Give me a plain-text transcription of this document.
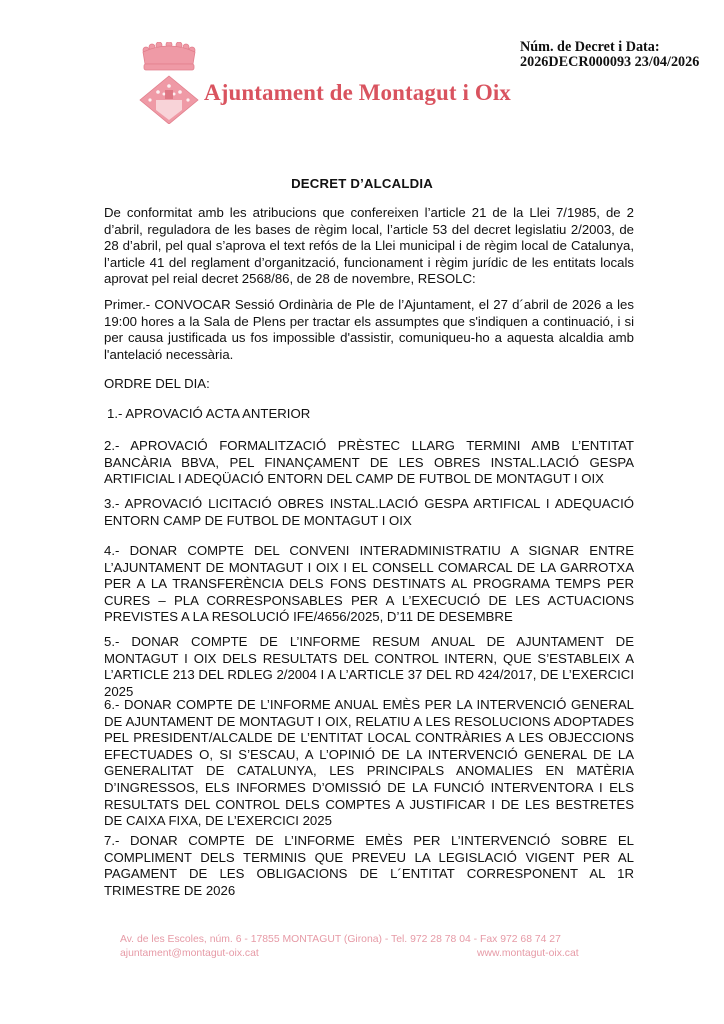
Ajuntament de Montagut i Oix
Núm. de Decret i Data:
2026DECR000093 23/04/2026
DECRET D’ALCALDIA
De conformitat amb les atribucions que confereixen l’article 21 de la Llei 7/1985, de 2 d’abril, reguladora de les bases de règim local, l’article 53 del decret legislatiu 2/2003, de 28 d’abril, pel qual s’aprova el text refós de la Llei municipal i de règim local de Catalunya, l’article 41 del reglament d’organització, funcionament i règim jurídic de les entitats locals aprovat pel reial decret 2568/86, de 28 de novembre, RESOLC:
Primer.- CONVOCAR Sessió Ordinària de Ple de l’Ajuntament, el 27 d´abril de 2026 a les 19:00 hores a la Sala de Plens per tractar els assumptes que s'indiquen a continuació, i si per causa justificada us fos impossible d'assistir, comuniqueu-ho a aquesta alcaldia amb l'antelació necessària.
ORDRE DEL DIA:
1.- APROVACIÓ ACTA ANTERIOR
2.- APROVACIÓ FORMALITZACIÓ PRÈSTEC LLARG TERMINI AMB L’ENTITAT BANCÀRIA BBVA, PEL FINANÇAMENT DE LES OBRES INSTAL.LACIÓ GESPA ARTIFICIAL I ADEQÜACIÓ ENTORN DEL CAMP DE FUTBOL DE MONTAGUT I OIX
3.- APROVACIÓ LICITACIÓ OBRES INSTAL.LACIÓ GESPA ARTIFICAL I ADEQUACIÓ ENTORN CAMP DE FUTBOL DE MONTAGUT I OIX
4.- DONAR COMPTE DEL CONVENI INTERADMINISTRATIU A SIGNAR ENTRE L’AJUNTAMENT DE MONTAGUT I OIX I EL CONSELL COMARCAL DE LA GARROTXA PER A LA TRANSFERÈNCIA DELS FONS DESTINATS AL PROGRAMA TEMPS PER CURES – PLA CORRESPONSABLES PER A L’EXECUCIÓ DE LES ACTUACIONS PREVISTES A LA RESOLUCIÓ IFE/4656/2025, D’11 DE DESEMBRE
5.- DONAR COMPTE DE L’INFORME RESUM ANUAL DE AJUNTAMENT DE MONTAGUT I OIX DELS RESULTATS DEL CONTROL INTERN, QUE S’ESTABLEIX A L’ARTICLE 213 DEL RDLEG 2/2004 I A L’ARTICLE 37 DEL RD 424/2017, DE L’EXERCICI 2025
6.- DONAR COMPTE DE L’INFORME ANUAL EMÈS PER LA INTERVENCIÓ GENERAL DE AJUNTAMENT DE MONTAGUT I OIX, RELATIU A LES RESOLUCIONS ADOPTADES PEL PRESIDENT/ALCALDE DE L’ENTITAT LOCAL CONTRÀRIES A LES OBJECCIONS EFECTUADES O, SI S’ESCAU, A L’OPINIÓ DE LA INTERVENCIÓ GENERAL DE LA GENERALITAT DE CATALUNYA, LES PRINCIPALS ANOMALIES EN MATÈRIA D’INGRESSOS, ELS INFORMES D’OMISSIÓ DE LA FUNCIÓ INTERVENTORA I ELS RESULTATS DEL CONTROL DELS COMPTES A JUSTIFICAR I DE LES BESTRETES DE CAIXA FIXA, DE L’EXERCICI 2025
7.- DONAR COMPTE DE L’INFORME EMÈS PER L’INTERVENCIÓ SOBRE EL COMPLIMENT DELS TERMINIS QUE PREVEU LA LEGISLACIÓ VIGENT PER AL PAGAMENT DE LES OBLIGACIONS DE L´ENTITAT CORRESPONENT AL 1R TRIMESTRE DE 2026
Av. de les Escoles, núm. 6 - 17855 MONTAGUT (Girona) - Tel. 972 28 78 04 - Fax 972 68 74 27
ajuntament@montagut-oix.cat	www.montagut-oix.cat
